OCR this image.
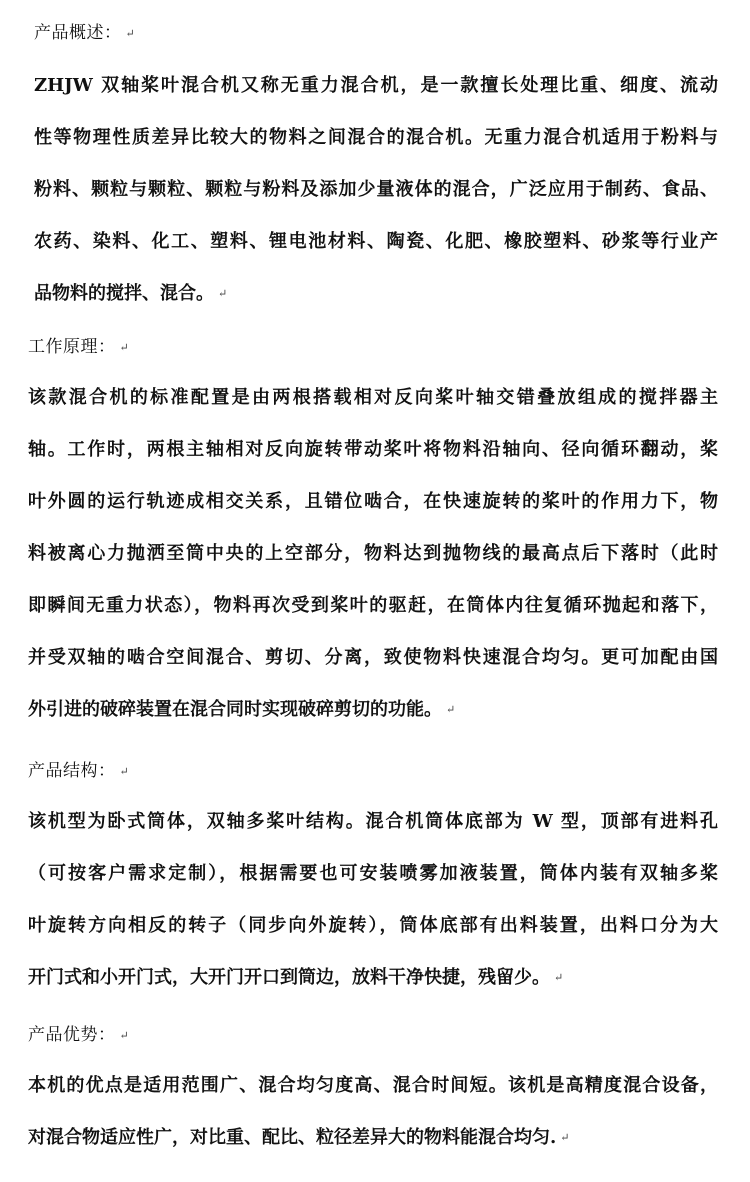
产品概述： ↵
ZHJW 双轴桨叶混合机又称无重力混合机，是一款擅长处理比重、细度、流动
性等物理性质差异比较大的物料之间混合的混合机。无重力混合机适用于粉料与
粉料、颗粒与颗粒、颗粒与粉料及添加少量液体的混合，广泛应用于制药、食品、
农药、染料、化工、塑料、锂电池材料、陶瓷、化肥、橡胶塑料、砂浆等行业产
品物料的搅拌、混合。 ↵
工作原理： ↵
该款混合机的标准配置是由两根搭载相对反向桨叶轴交错叠放组成的搅拌器主
轴。工作时，两根主轴相对反向旋转带动桨叶将物料沿轴向、径向循环翻动，桨
叶外圆的运行轨迹成相交关系，且错位啮合，在快速旋转的桨叶的作用力下，物
料被离心力抛洒至筒中央的上空部分，物料达到抛物线的最高点后下落时（此时
即瞬间无重力状态），物料再次受到桨叶的驱赶，在筒体内往复循环抛起和落下，
并受双轴的啮合空间混合、剪切、分离，致使物料快速混合均匀。更可加配由国
外引进的破碎装置在混合同时实现破碎剪切的功能。 ↵
产品结构： ↵
该机型为卧式筒体，双轴多桨叶结构。混合机筒体底部为 W 型，顶部有进料孔
（可按客户需求定制），根据需要也可安装喷雾加液装置，筒体内装有双轴多桨
叶旋转方向相反的转子（同步向外旋转），筒体底部有出料装置，出料口分为大
开门式和小开门式，大开门开口到筒边，放料干净快捷，残留少。 ↵
产品优势： ↵
本机的优点是适用范围广、混合均匀度高、混合时间短。该机是高精度混合设备，
对混合物适应性广，对比重、配比、粒径差异大的物料能混合均匀. ↵
